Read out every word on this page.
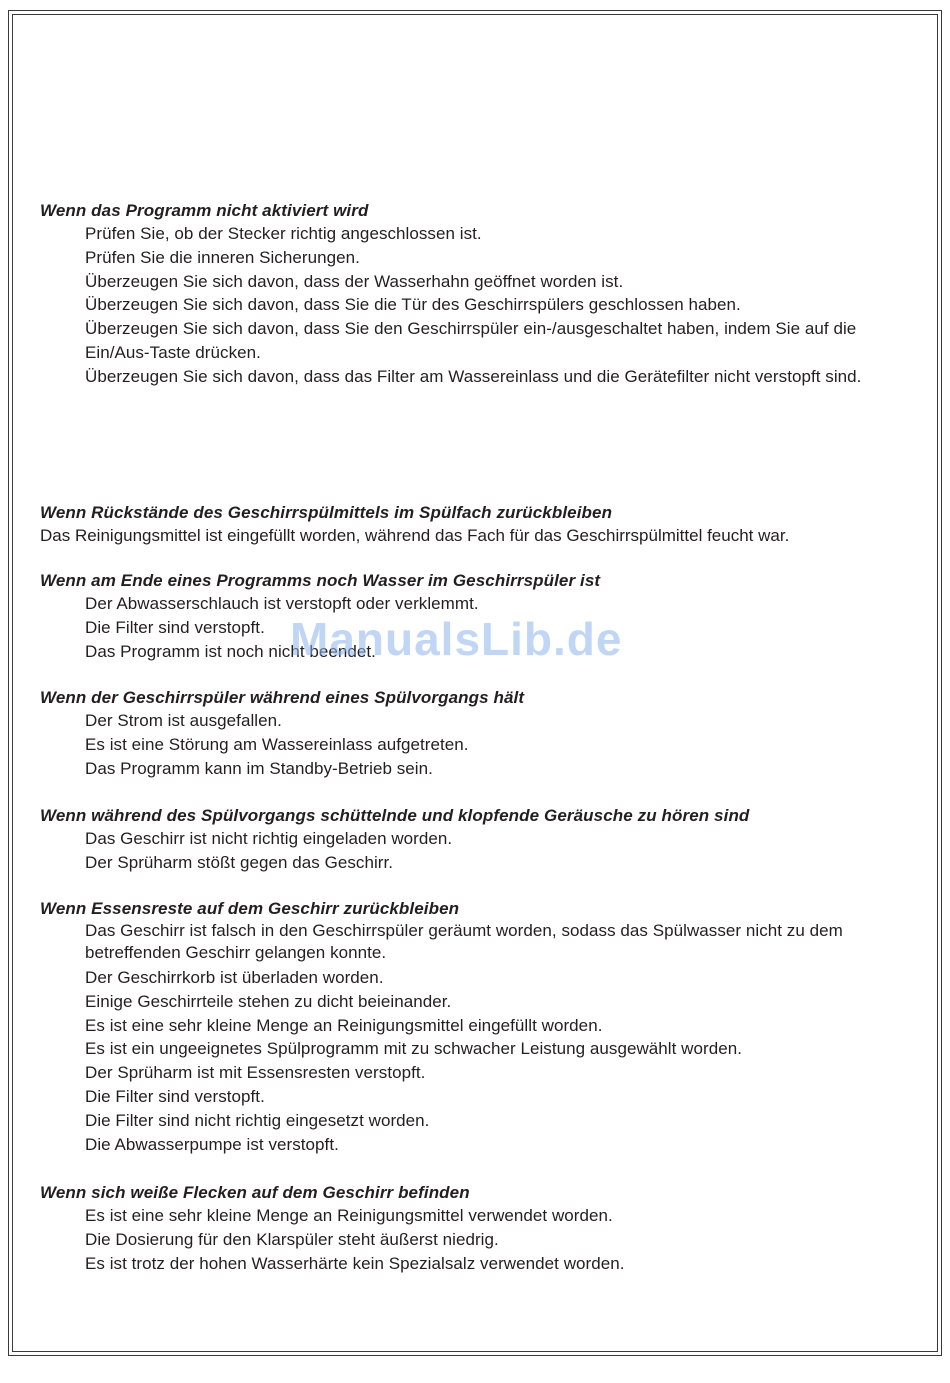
Wenn das Programm nicht aktiviert wird
Prüfen Sie, ob der Stecker richtig angeschlossen ist.
Prüfen Sie die inneren Sicherungen.
Überzeugen Sie sich davon, dass der Wasserhahn geöffnet worden ist.
Überzeugen Sie sich davon, dass Sie die Tür des Geschirrspülers geschlossen haben.
Überzeugen Sie sich davon, dass Sie den Geschirrspüler ein-/ausgeschaltet haben, indem Sie auf die Ein/Aus-Taste drücken.
Überzeugen Sie sich davon, dass das Filter am Wassereinlass und die Gerätefilter nicht verstopft sind.
Wenn Rückstände des Geschirrspülmittels im Spülfach zurückbleiben
Das Reinigungsmittel ist eingefüllt worden, während das Fach für das Geschirrspülmittel feucht war.
Wenn am Ende eines Programms noch Wasser im Geschirrspüler ist
Der Abwasserschlauch ist verstopft oder verklemmt.
Die Filter sind verstopft.
Das Programm ist noch nicht beendet.
Wenn der Geschirrspüler während eines Spülvorgangs hält
Der Strom ist ausgefallen.
Es ist eine Störung am Wassereinlass aufgetreten.
Das Programm kann im Standby-Betrieb sein.
Wenn während des Spülvorgangs schüttelnde und klopfende Geräusche zu hören sind
Das Geschirr ist nicht richtig eingeladen worden.
Der Sprüharm stößt gegen das Geschirr.
Wenn Essensreste auf dem Geschirr zurückbleiben
Das Geschirr ist falsch in den Geschirrspüler geräumt worden, sodass das Spülwasser nicht zu dem betreffenden Geschirr gelangen konnte.
Der Geschirrkorb ist überladen worden.
Einige Geschirrteile stehen zu dicht beieinander.
Es ist eine sehr kleine Menge an Reinigungsmittel eingefüllt worden.
Es ist ein ungeeignetes Spülprogramm mit zu schwacher Leistung ausgewählt worden.
Der Sprüharm ist mit Essensresten verstopft.
Die Filter sind verstopft.
Die Filter sind nicht richtig eingesetzt worden.
Die Abwasserpumpe ist verstopft.
Wenn sich weiße Flecken auf dem Geschirr befinden
Es ist eine sehr kleine Menge an Reinigungsmittel verwendet worden.
Die Dosierung für den Klarspüler steht äußerst niedrig.
Es ist trotz der hohen Wasserhärte kein Spezialsalz verwendet worden.
ManualsLib.de
